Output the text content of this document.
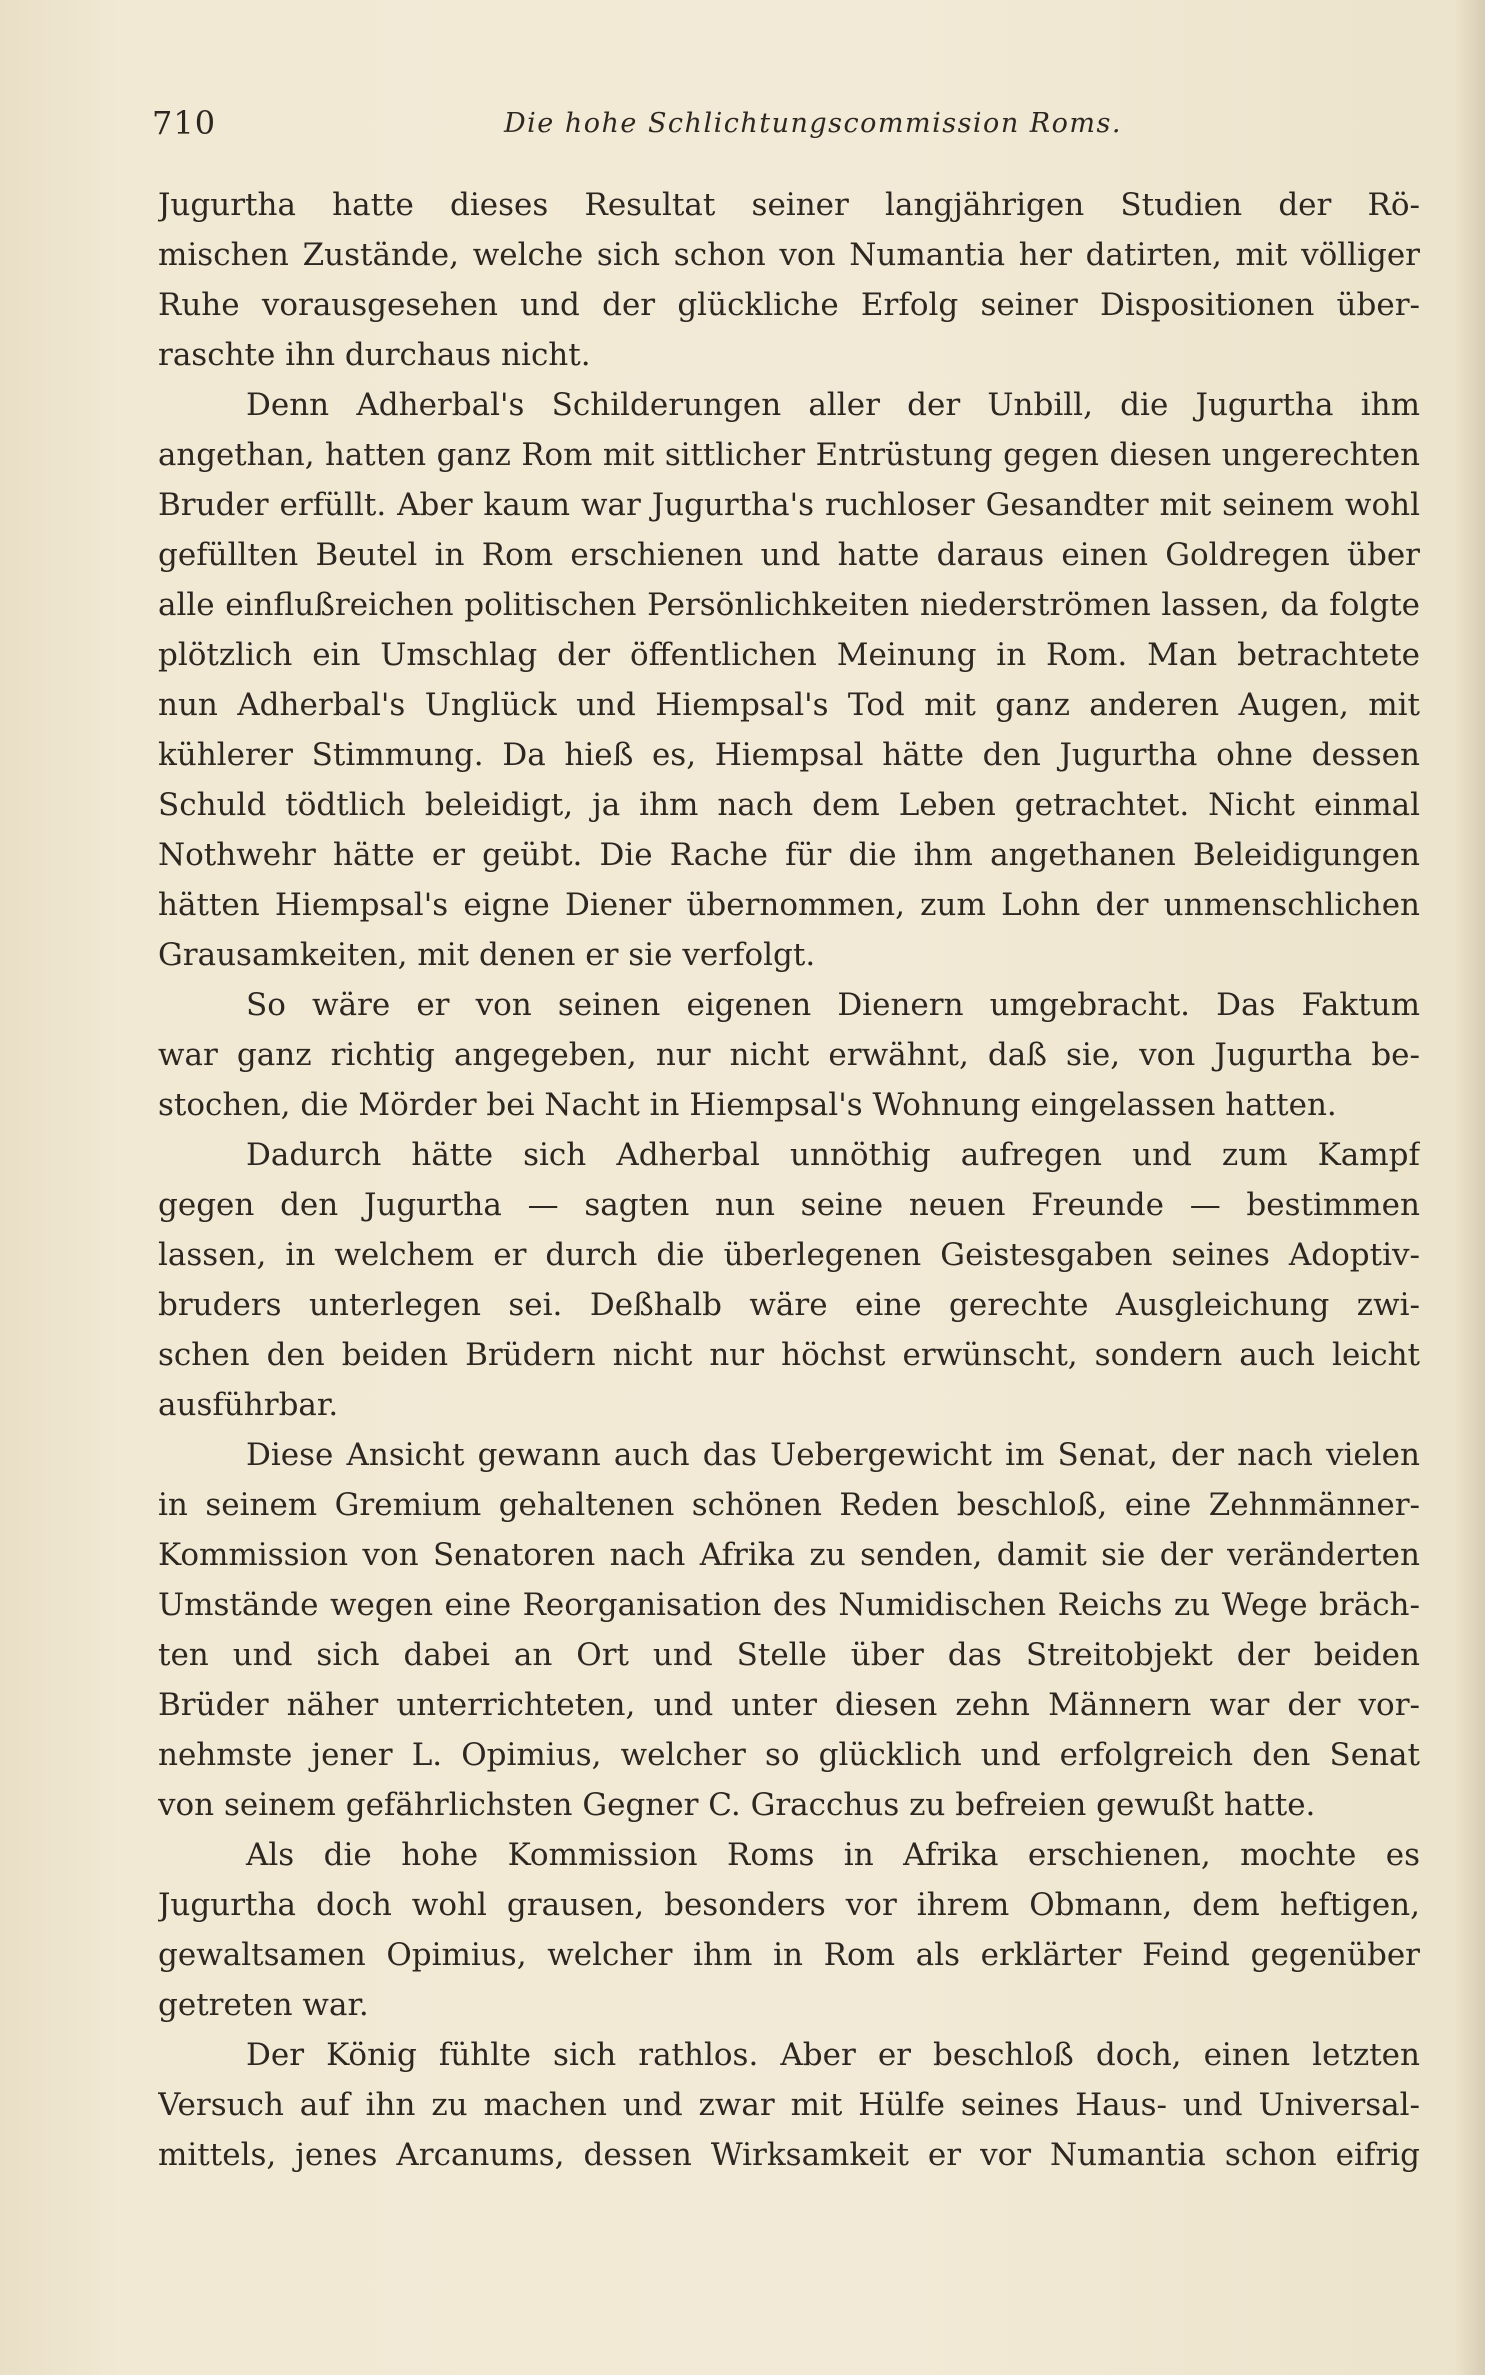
710	Die hohe Schlichtungscommission Roms.
Jugurtha hatte dieses Resultat seiner langjährigen Studien der Rö-
mischen Zustände, welche sich schon von Numantia her datirten, mit völliger
Ruhe vorausgesehen und der glückliche Erfolg seiner Dispositionen über-
raschte ihn durchaus nicht.
Denn Adherbal's Schilderungen aller der Unbill, die Jugurtha ihm
angethan, hatten ganz Rom mit sittlicher Entrüstung gegen diesen ungerechten
Bruder erfüllt. Aber kaum war Jugurtha's ruchloser Gesandter mit seinem wohl
gefüllten Beutel in Rom erschienen und hatte daraus einen Goldregen über
alle einflußreichen politischen Persönlichkeiten niederströmen lassen, da folgte
plötzlich ein Umschlag der öffentlichen Meinung in Rom. Man betrachtete
nun Adherbal's Unglück und Hiempsal's Tod mit ganz anderen Augen, mit
kühlerer Stimmung. Da hieß es, Hiempsal hätte den Jugurtha ohne dessen
Schuld tödtlich beleidigt, ja ihm nach dem Leben getrachtet. Nicht einmal
Nothwehr hätte er geübt. Die Rache für die ihm angethanen Beleidigungen
hätten Hiempsal's eigne Diener übernommen, zum Lohn der unmenschlichen
Grausamkeiten, mit denen er sie verfolgt.
So wäre er von seinen eigenen Dienern umgebracht. Das Faktum
war ganz richtig angegeben, nur nicht erwähnt, daß sie, von Jugurtha be-
stochen, die Mörder bei Nacht in Hiempsal's Wohnung eingelassen hatten.
Dadurch hätte sich Adherbal unnöthig aufregen und zum Kampf
gegen den Jugurtha — sagten nun seine neuen Freunde — bestimmen
lassen, in welchem er durch die überlegenen Geistesgaben seines Adoptiv-
bruders unterlegen sei. Deßhalb wäre eine gerechte Ausgleichung zwi-
schen den beiden Brüdern nicht nur höchst erwünscht, sondern auch leicht
ausführbar.
Diese Ansicht gewann auch das Uebergewicht im Senat, der nach vielen
in seinem Gremium gehaltenen schönen Reden beschloß, eine Zehnmänner-
Kommission von Senatoren nach Afrika zu senden, damit sie der veränderten
Umstände wegen eine Reorganisation des Numidischen Reichs zu Wege bräch-
ten und sich dabei an Ort und Stelle über das Streitobjekt der beiden
Brüder näher unterrichteten, und unter diesen zehn Männern war der vor-
nehmste jener L. Opimius, welcher so glücklich und erfolgreich den Senat
von seinem gefährlichsten Gegner C. Gracchus zu befreien gewußt hatte.
Als die hohe Kommission Roms in Afrika erschienen, mochte es
Jugurtha doch wohl grausen, besonders vor ihrem Obmann, dem heftigen,
gewaltsamen Opimius, welcher ihm in Rom als erklärter Feind gegenüber
getreten war.
Der König fühlte sich rathlos. Aber er beschloß doch, einen letzten
Versuch auf ihn zu machen und zwar mit Hülfe seines Haus- und Universal-
mittels, jenes Arcanums, dessen Wirksamkeit er vor Numantia schon eifrig
